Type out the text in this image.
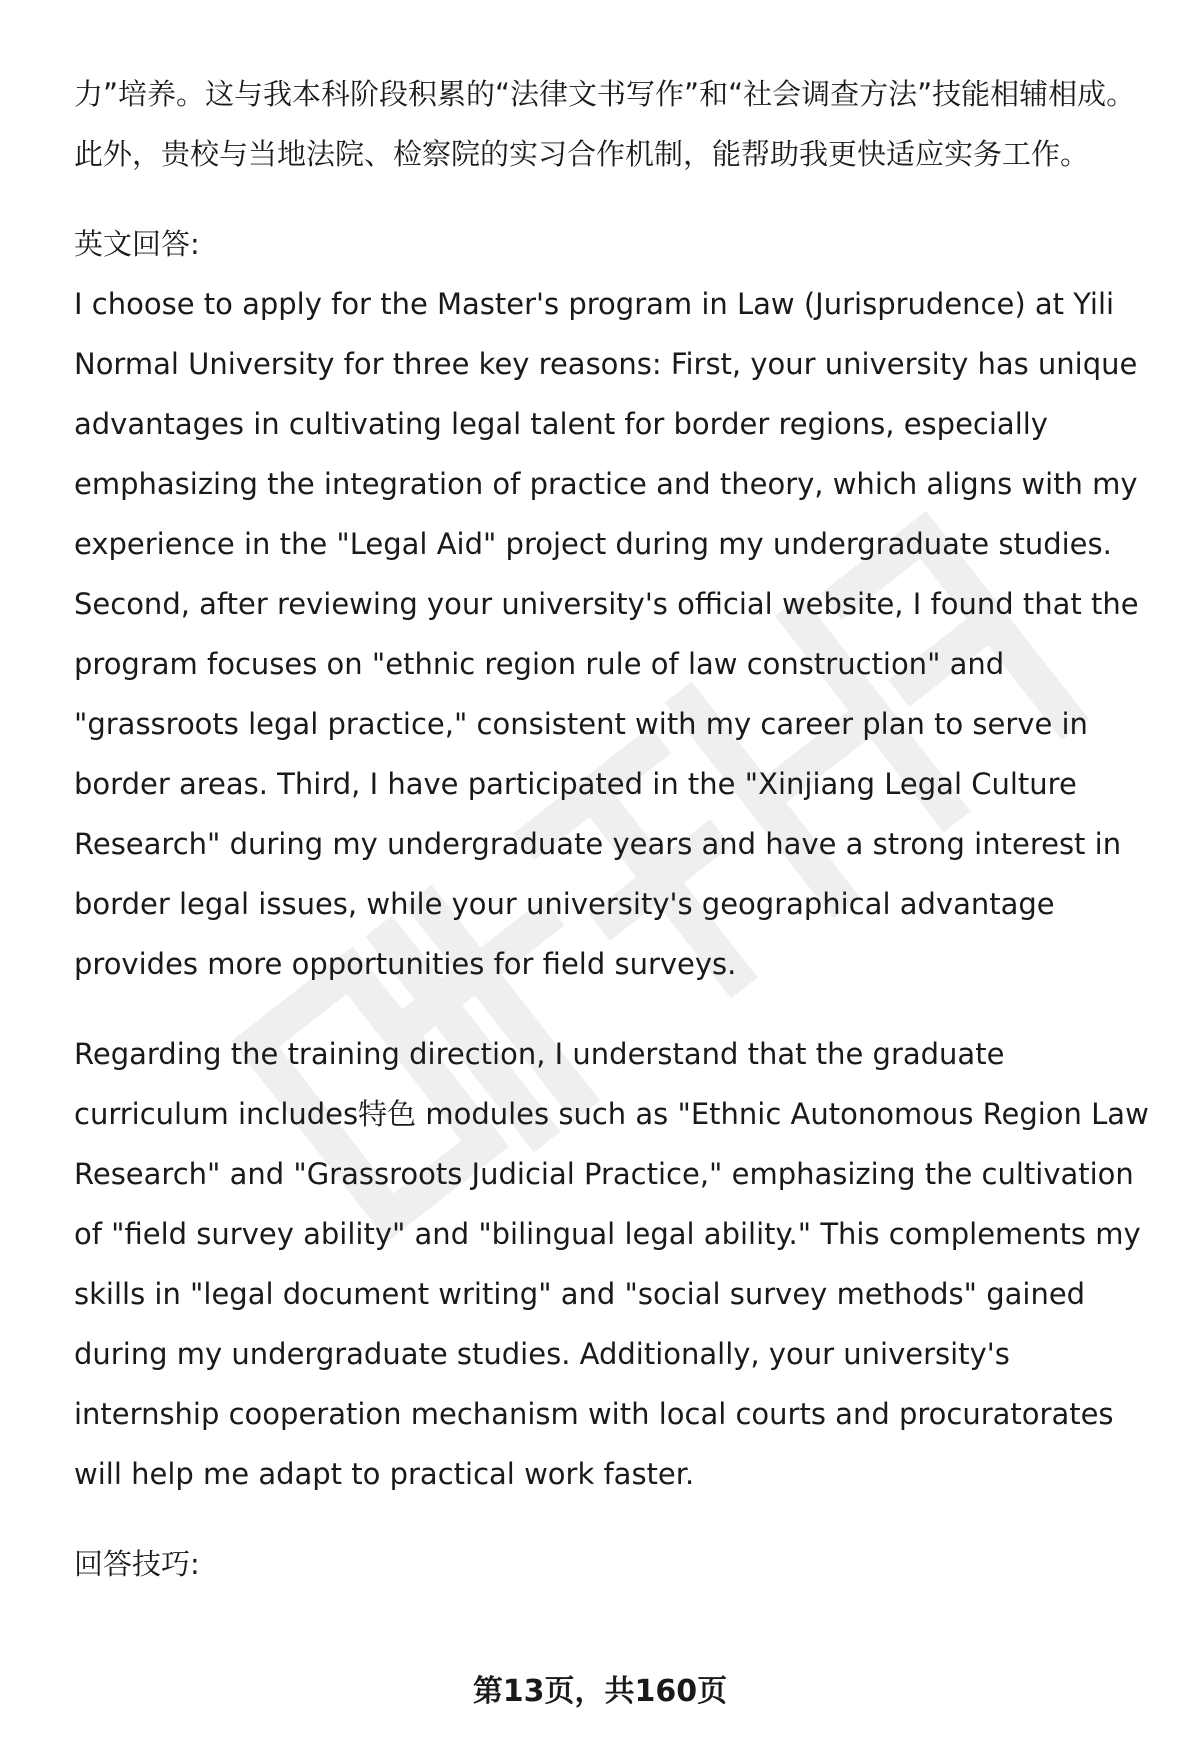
力”培养。这与我本科阶段积累的“法律文书写作”和“社会调查方法”技能相辅相成。此外，贵校与当地法院、检察院的实习合作机制，能帮助我更快适应实务工作。

英文回答:

I choose to apply for the Master's program in Law (Jurisprudence) at Yili Normal University for three key reasons: First, your university has unique advantages in cultivating legal talent for border regions, especially emphasizing the integration of practice and theory, which aligns with my experience in the "Legal Aid" project during my undergraduate studies. Second, after reviewing your university's official website, I found that the program focuses on "ethnic region rule of law construction" and "grassroots legal practice," consistent with my career plan to serve in border areas. Third, I have participated in the "Xinjiang Legal Culture Research" during my undergraduate years and have a strong interest in border legal issues, while your university's geographical advantage provides more opportunities for field surveys.

Regarding the training direction, I understand that the graduate curriculum includes特色 modules such as "Ethnic Autonomous Region Law Research" and "Grassroots Judicial Practice," emphasizing the cultivation of "field survey ability" and "bilingual legal ability." This complements my skills in "legal document writing" and "social survey methods" gained during my undergraduate studies. Additionally, your university's internship cooperation mechanism with local courts and procuratorates will help me adapt to practical work faster.

回答技巧:

第13页，共160页
